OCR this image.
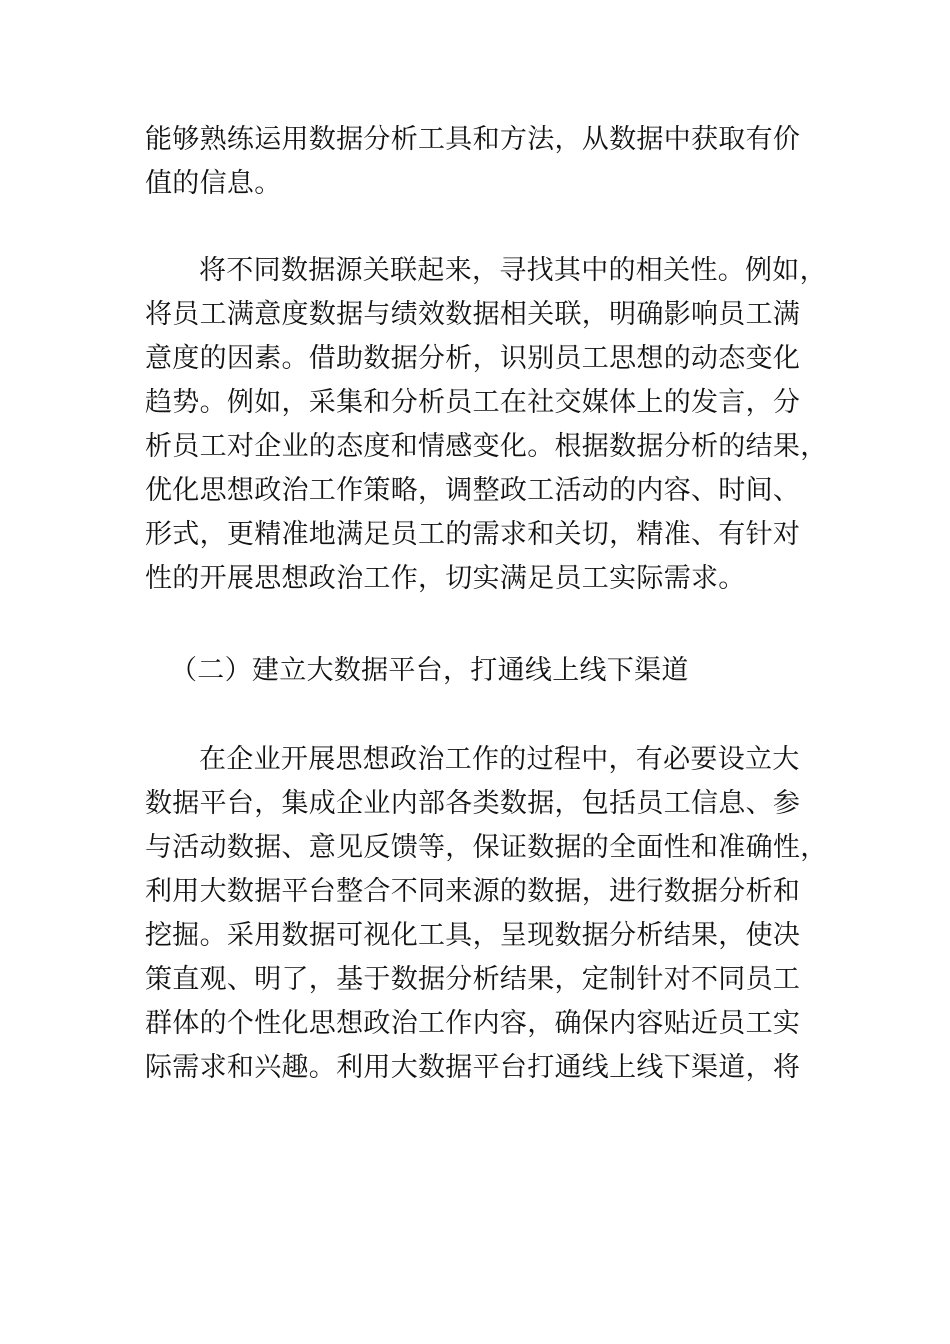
能够熟练运用数据分析工具和方法，从数据中获取有价
值的信息。
将不同数据源关联起来，寻找其中的相关性。例如，
将员工满意度数据与绩效数据相关联，明确影响员工满
意度的因素。借助数据分析，识别员工思想的动态变化
趋势。例如，采集和分析员工在社交媒体上的发言，分
析员工对企业的态度和情感变化。根据数据分析的结果，
优化思想政治工作策略，调整政工活动的内容、时间、
形式，更精准地满足员工的需求和关切，精准、有针对
性的开展思想政治工作，切实满足员工实际需求。
（二）建立大数据平台，打通线上线下渠道
在企业开展思想政治工作的过程中，有必要设立大
数据平台，集成企业内部各类数据，包括员工信息、参
与活动数据、意见反馈等，保证数据的全面性和准确性，
利用大数据平台整合不同来源的数据，进行数据分析和
挖掘。采用数据可视化工具，呈现数据分析结果，使决
策直观、明了，基于数据分析结果，定制针对不同员工
群体的个性化思想政治工作内容，确保内容贴近员工实
际需求和兴趣。利用大数据平台打通线上线下渠道，将
